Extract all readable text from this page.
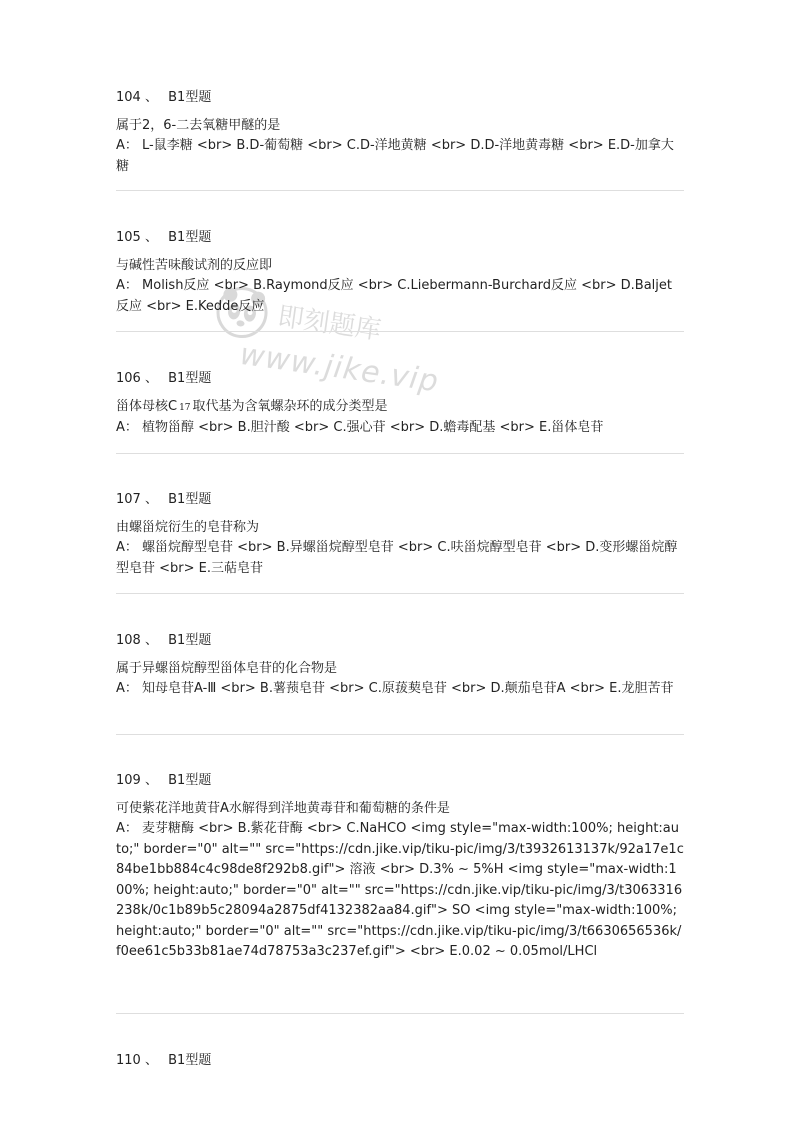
即刻题库
www.jike.vip
104 、 B1型题

属于2，6-二去氧糖甲醚的是

A： L-鼠李糖 <br> B.D-葡萄糖 <br> C.D-洋地黄糖 <br> D.D-洋地黄毒糖 <br> E.D-加拿大糖

105 、 B1型题

与碱性苦味酸试剂的反应即

A： Molish反应 <br> B.Raymond反应 <br> C.Liebermann-Burchard反应 <br> D.Baljet反应 <br> E.Kedde反应

106 、 B1型题

甾体母核C 17 取代基为含氧螺杂环的成分类型是

A： 植物甾醇 <br> B.胆汁酸 <br> C.强心苷 <br> D.蟾毒配基 <br> E.甾体皂苷

107 、 B1型题

由螺甾烷衍生的皂苷称为

A： 螺甾烷醇型皂苷 <br> B.异螺甾烷醇型皂苷 <br> C.呋甾烷醇型皂苷 <br> D.变形螺甾烷醇型皂苷 <br> E.三萜皂苷

108 、 B1型题

属于异螺甾烷醇型甾体皂苷的化合物是

A： 知母皂苷A-Ⅲ <br> B.薯蓣皂苷 <br> C.原菝葜皂苷 <br> D.颠茄皂苷A <br> E.龙胆苦苷

109 、 B1型题

可使紫花洋地黄苷A水解得到洋地黄毒苷和葡萄糖的条件是

A： 麦芽糖酶 <br> B.紫花苷酶 <br> C.NaHCO <img style="max-width:100%; height:auto;" border="0" alt="" src="https://cdn.jike.vip/tiku-pic/img/3/t3932613137k/92a17e1c84be1bb884c4c98de8f292b8.gif"> 溶液 <br> D.3% ~ 5%H <img style="max-width:100%; height:auto;" border="0" alt="" src="https://cdn.jike.vip/tiku-pic/img/3/t3063316238k/0c1b89b5c28094a2875df4132382aa84.gif"> SO <img style="max-width:100%; height:auto;" border="0" alt="" src="https://cdn.jike.vip/tiku-pic/img/3/t6630656536k/f0ee61c5b33b81ae74d78753a3c237ef.gif"> <br> E.0.02 ~ 0.05mol/LHCl

110 、 B1型题
